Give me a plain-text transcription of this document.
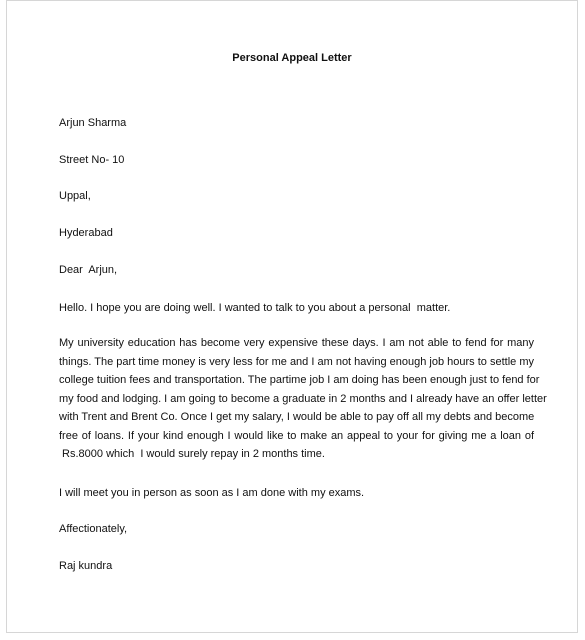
Personal Appeal Letter

Arjun Sharma

Street No- 10

Uppal,

Hyderabad

Dear  Arjun,

Hello. I hope you are doing well. I wanted to talk to you about a personal  matter.

My university education has become very expensive these days. I am not able to fend for many
things. The part time money is very less for me and I am not having enough job hours to settle my
college tuition fees and transportation. The partime job I am doing has been enough just to fend for
my food and lodging. I am going to become a graduate in 2 months and I already have an offer letter
with Trent and Brent Co. Once I get my salary, I would be able to pay off all my debts and become
free of loans. If your kind enough I would like to make an appeal to your for giving me a loan of
Rs.8000 which  I would surely repay in 2 months time.

I will meet you in person as soon as I am done with my exams.

Affectionately,

Raj kundra
